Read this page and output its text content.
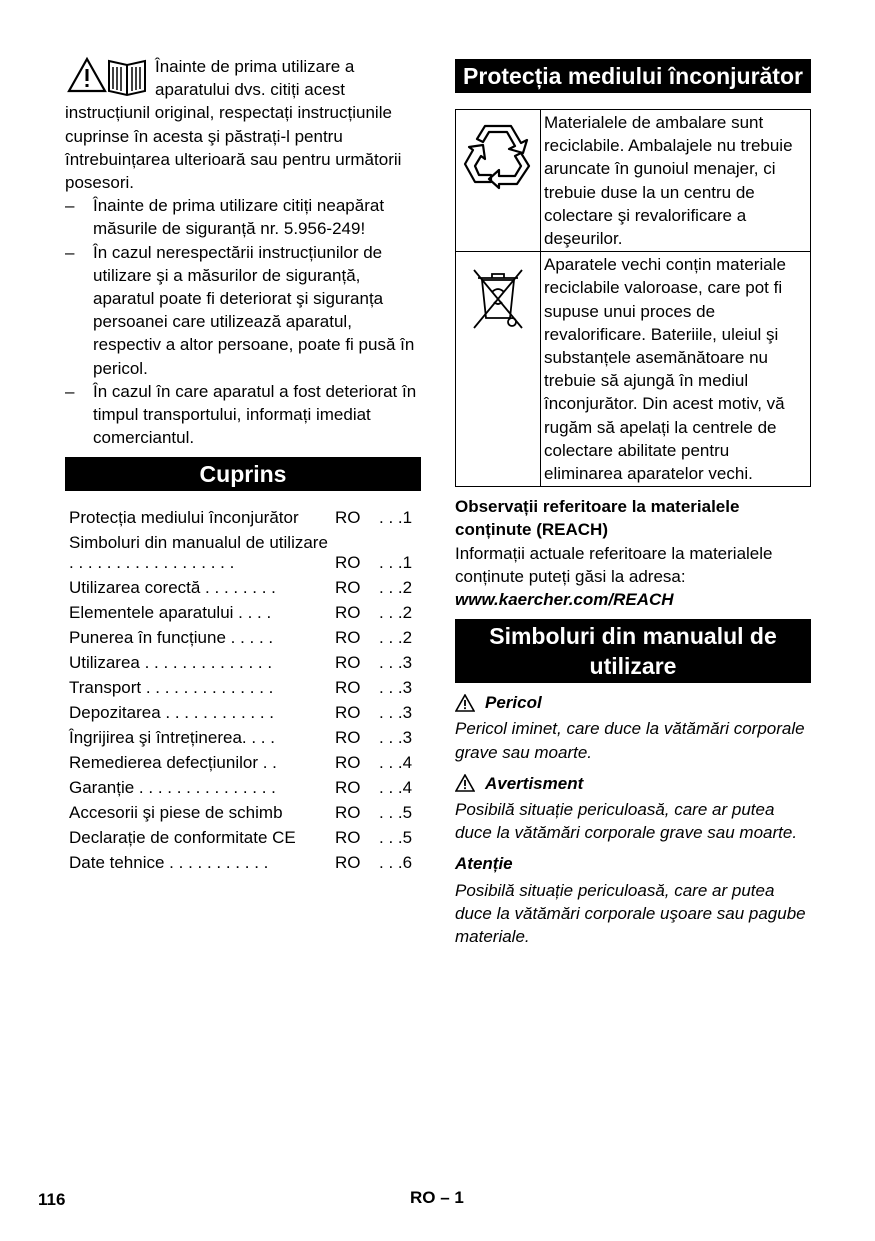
Înainte de prima utilizare a aparatului dvs. citiți acest instrucțiunil original, respectați instrucțiunile cuprinse în acesta şi păstrați-l pentru întrebuințarea ulterioară sau pentru următorii posesori.

– Înainte de prima utilizare citiți neapărat măsurile de siguranță nr. 5.956-249!
– În cazul nerespectării instrucțiunilor de utilizare şi a măsurilor de siguranță, aparatul poate fi deteriorat şi siguranța persoanei care utilizează aparatul, respectiv a altor persoane, poate fi pusă în pericol.
– În cazul în care aparatul a fost deteriorat în timpul transportului, informați imediat comerciantul.
Cuprins
Protecția mediului înconjurător	RO	. . .1
Simboluri din manualul de utilizare . . . . . . . . . . . . . . . . . .	RO	. . .1
Utilizarea corectă . . . . . . . .	RO	. . .2
Elementele aparatului . . . .	RO	. . .2
Punerea în funcțiune . . . . .	RO	. . .2
Utilizarea . . . . . . . . . . . . . .	RO	. . .3
Transport . . . . . . . . . . . . . .	RO	. . .3
Depozitarea . . . . . . . . . . . .	RO	. . .3
Îngrijirea şi întreținerea. . . .	RO	. . .3
Remedierea defecțiunilor . .	RO	. . .4
Garanție . . . . . . . . . . . . . . .	RO	. . .4
Accesorii şi piese de schimb	RO	. . .5
Declarație de conformitate CE	RO	. . .5
Date tehnice . . . . . . . . . . .	RO	. . .6
Protecția mediului înconjurător
	Materialele de ambalare sunt reciclabile. Ambalajele nu trebuie aruncate în gunoiul menajer, ci trebuie duse la un centru de colectare şi revalorificare a deşeurilor.
	Aparatele vechi conțin materiale reciclabile valoroase, care pot fi supuse unui proces de revalorificare. Bateriile, uleiul şi substanțele asemănătoare nu trebuie să ajungă în mediul înconjurător. Din acest motiv, vă rugăm să apelați la centrele de colectare abilitate pentru eliminarea aparatelor vechi.
Observații referitoare la materialele conținute (REACH)
Informații actuale referitoare la materialele conținute puteți găsi la adresa:
www.kaercher.com/REACH
Simboluri din manualul de utilizare
Pericol
Pericol iminet, care duce la vătămări corporale grave sau moarte.
Avertisment
Posibilă situație periculoasă, care ar putea duce la vătămări corporale grave sau moarte.
Atenție
Posibilă situație periculoasă, care ar putea duce la vătămări corporale uşoare sau pagube materiale.
116	RO – 1
